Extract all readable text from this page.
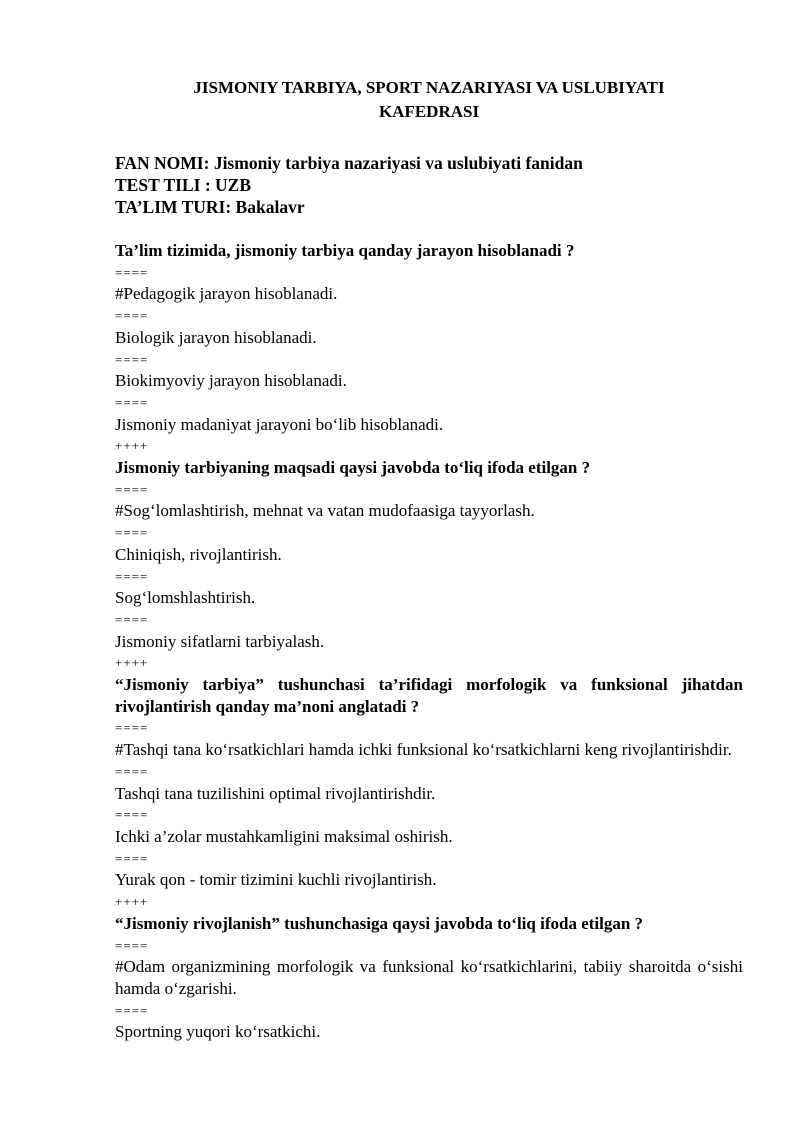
JISMONIY TARBIYA, SPORT NAZARIYASI VA USLUBIYATI
KAFEDRASI
FAN NOMI: Jismoniy tarbiya nazariyasi va uslubiyati fanidan
TEST TILI : UZB
TA’LIM TURI: Bakalavr
Ta’lim tizimida, jismoniy tarbiya qanday jarayon hisoblanadi ?
====
#Pedagogik jarayon hisoblanadi.
====
Biologik jarayon hisoblanadi.
====
Biokimyoviy jarayon hisoblanadi.
====
Jismoniy madaniyat jarayoni bo‘lib hisoblanadi.
++++
Jismoniy tarbiyaning maqsadi qaysi javobda to‘liq ifoda etilgan ?
====
#Sog‘lomlashtirish, mehnat va vatan mudofaasiga tayyorlash.
====
Chiniqish, rivojlantirish.
====
Sog‘lomshlashtirish.
====
Jismoniy sifatlarni tarbiyalash.
++++
“Jismoniy tarbiya” tushunchasi ta’rifidagi morfologik va funksional jihatdan rivojlantirish qanday ma’noni anglatadi ?
====
#Tashqi tana ko‘rsatkichlari hamda ichki funksional ko‘rsatkichlarni keng rivojlantirishdir.
====
Tashqi tana tuzilishini optimal rivojlantirishdir.
====
Ichki a’zolar mustahkamligini maksimal oshirish.
====
Yurak qon - tomir tizimini kuchli rivojlantirish.
++++
“Jismoniy rivojlanish” tushunchasiga qaysi javobda to‘liq ifoda etilgan ?
====
#Odam organizmining morfologik va funksional ko‘rsatkichlarini, tabiiy sharoitda o‘sishi hamda o‘zgarishi.
====
Sportning yuqori ko‘rsatkichi.
